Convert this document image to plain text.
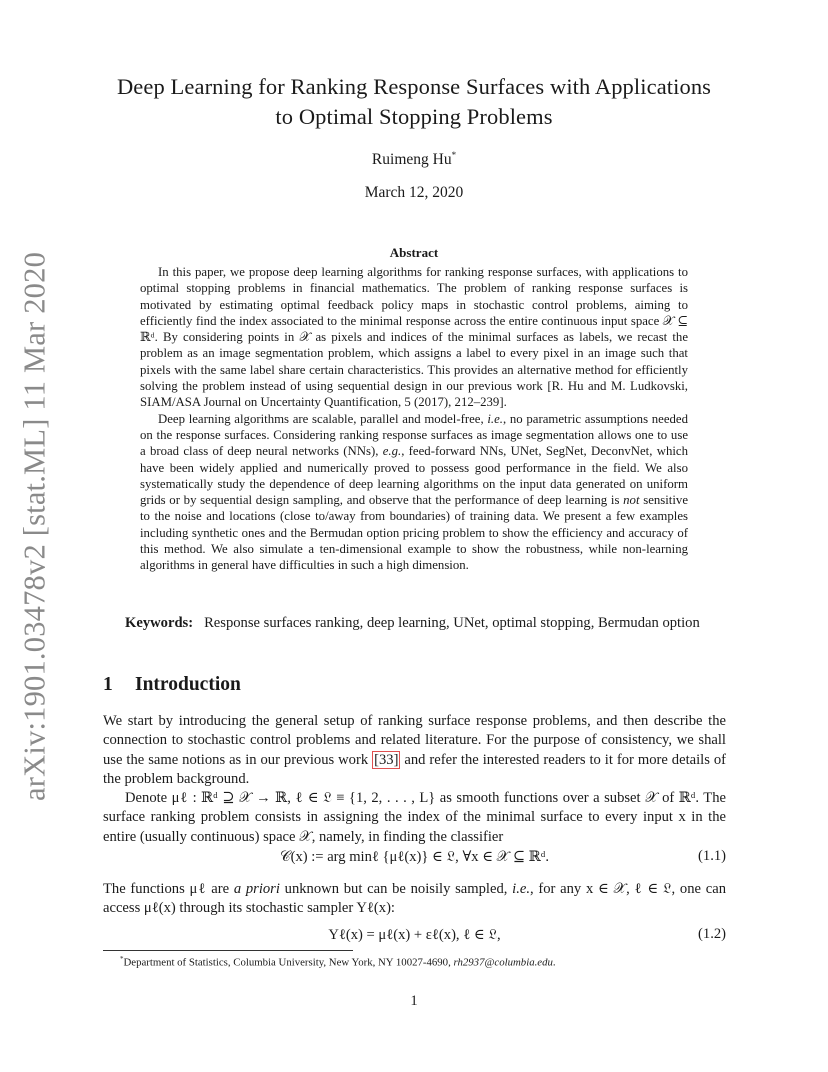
arXiv:1901.03478v2 [stat.ML] 11 Mar 2020
Deep Learning for Ranking Response Surfaces with Applications
to Optimal Stopping Problems
Ruimeng Hu*
March 12, 2020
Abstract

In this paper, we propose deep learning algorithms for ranking response surfaces, with applications to optimal stopping problems in financial mathematics. The problem of ranking response surfaces is motivated by estimating optimal feedback policy maps in stochastic control problems, aiming to efficiently find the index associated to the minimal response across the entire continuous input space 𝒳 ⊆ ℝᵈ. By considering points in 𝒳 as pixels and indices of the minimal surfaces as labels, we recast the problem as an image segmentation problem, which assigns a label to every pixel in an image such that pixels with the same label share certain characteristics. This provides an alternative method for efficiently solving the problem instead of using sequential design in our previous work [R. Hu and M. Ludkovski, SIAM/ASA Journal on Uncertainty Quantification, 5 (2017), 212–239].

Deep learning algorithms are scalable, parallel and model-free, i.e., no parametric assumptions needed on the response surfaces. Considering ranking response surfaces as image segmentation allows one to use a broad class of deep neural networks (NNs), e.g., feed-forward NNs, UNet, SegNet, DeconvNet, which have been widely applied and numerically proved to possess good performance in the field. We also systematically study the dependence of deep learning algorithms on the input data generated on uniform grids or by sequential design sampling, and observe that the performance of deep learning is not sensitive to the noise and locations (close to/away from boundaries) of training data. We present a few examples including synthetic ones and the Bermudan option pricing problem to show the efficiency and accuracy of this method. We also simulate a ten-dimensional example to show the robustness, while non-learning algorithms in general have difficulties in such a high dimension.

Keywords: Response surfaces ranking, deep learning, UNet, optimal stopping, Bermudan option
1 Introduction

We start by introducing the general setup of ranking surface response problems, and then describe the connection to stochastic control problems and related literature. For the purpose of consistency, we shall use the same notions as in our previous work [33] and refer the interested readers to it for more details of the problem background.

Denote μℓ : ℝᵈ ⊇ 𝒳 → ℝ, ℓ ∈ 𝔏 ≡ {1, 2, . . . , L} as smooth functions over a subset 𝒳 of ℝᵈ. The surface ranking problem consists in assigning the index of the minimal surface to every input x in the entire (usually continuous) space 𝒳, namely, in finding the classifier

𝒞(x) := arg minℓ {μℓ(x)} ∈ 𝔏, ∀x ∈ 𝒳 ⊆ ℝᵈ.	(1.1)

The functions μℓ are a priori unknown but can be noisily sampled, i.e., for any x ∈ 𝒳, ℓ ∈ 𝔏, one can access μℓ(x) through its stochastic sampler Yℓ(x):

Yℓ(x) = μℓ(x) + εℓ(x), ℓ ∈ 𝔏,	(1.2)
*Department of Statistics, Columbia University, New York, NY 10027-4690, rh2937@columbia.edu.
1
